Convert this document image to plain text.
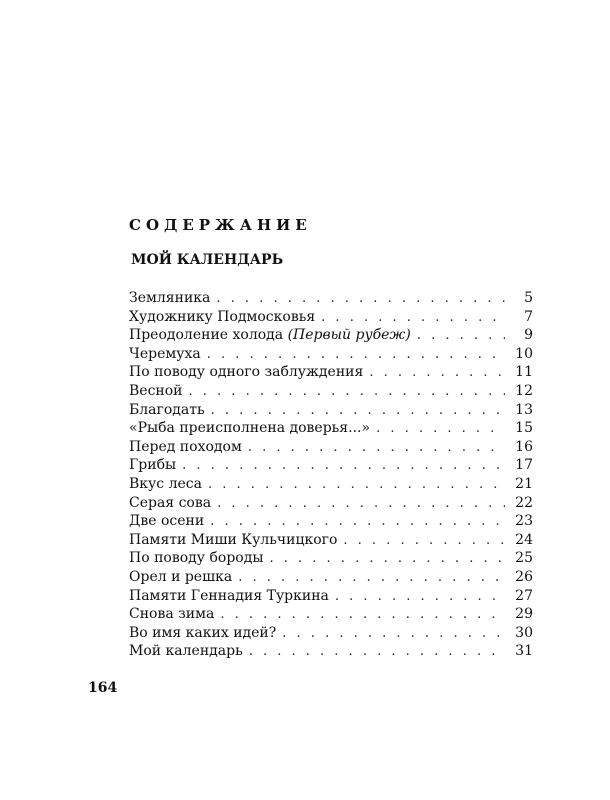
СОДЕРЖАНИЕ
МОЙ КАЛЕНДАРЬ
Земляника . . .	5
Художнику Подмосковья . . .	7
Преодоление холода (Первый рубеж) . . .	9
Черемуха . . .	10
По поводу одного заблуждения . . .	11
Весной . . .	12
Благодать . . .	13
«Рыба преисполнена доверья...» . . .	15
Перед походом . . .	16
Грибы . . .	17
Вкус леса . . .	21
Серая сова . . .	22
Две осени . . .	23
Памяти Миши Кульчицкого . . .	24
По поводу бороды . . .	25
Орел и решка . . .	26
Памяти Геннадия Туркина . . .	27
Снова зима . . .	29
Во имя каких идей? . . .	30
Мой календарь . . .	31

164
